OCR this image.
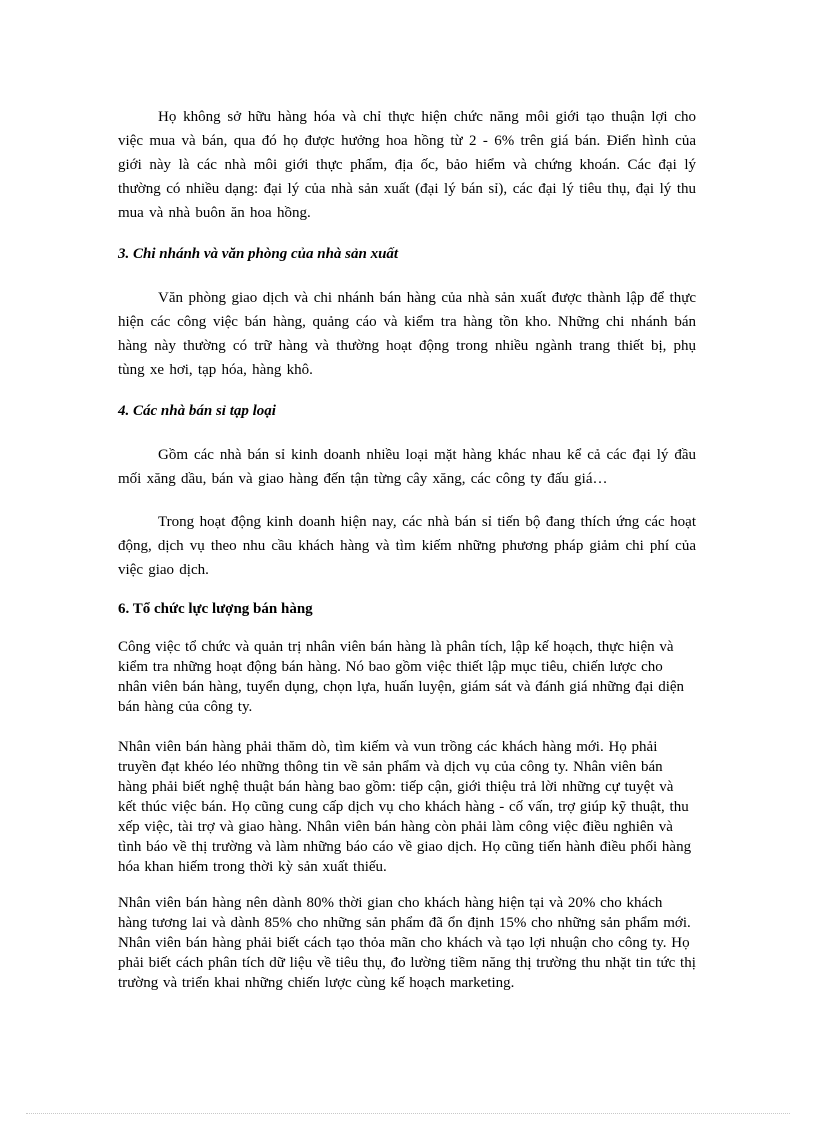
Họ không sở hữu hàng hóa và chỉ thực hiện chức năng môi giới tạo thuận lợi cho việc mua và bán, qua đó họ được hưởng hoa hồng từ 2 - 6% trên giá bán. Điển hình của giới này là các nhà môi giới thực phẩm, địa ốc, bảo hiểm và chứng khoán. Các đại lý thường có nhiều dạng: đại lý của nhà sản xuất (đại lý bán sỉ), các đại lý tiêu thụ, đại lý thu mua và nhà buôn ăn hoa hồng.

3. Chi nhánh và văn phòng của nhà sản xuất

Văn phòng giao dịch và chi nhánh bán hàng của nhà sản xuất được thành lập để thực hiện các công việc bán hàng, quảng cáo và kiểm tra hàng tồn kho. Những chi nhánh bán hàng này thường có trữ hàng và thường hoạt động trong nhiều ngành trang thiết bị, phụ tùng xe hơi, tạp hóa, hàng khô.

4. Các nhà bán sỉ tạp loại

Gồm các nhà bán sỉ kinh doanh nhiều loại mặt hàng khác nhau kể cả các đại lý đầu mối xăng dầu, bán và giao hàng đến tận từng cây xăng, các công ty đấu giá…

Trong hoạt động kinh doanh hiện nay, các nhà bán sỉ tiến bộ đang thích ứng các hoạt động, dịch vụ theo nhu cầu khách hàng và tìm kiếm những phương pháp giảm chi phí của việc giao dịch.

6. Tổ chức lực lượng bán hàng

Công việc tổ chức và quản trị nhân viên bán hàng là phân tích, lập kế hoạch, thực hiện và kiểm tra những hoạt động bán hàng. Nó bao gồm việc thiết lập mục tiêu, chiến lược cho nhân viên bán hàng, tuyển dụng, chọn lựa, huấn luyện, giám sát và đánh giá những đại diện bán hàng của công ty.

Nhân viên bán hàng phải thăm dò, tìm kiếm và vun trồng các khách hàng mới. Họ phải truyền đạt khéo léo những thông tin về sản phẩm và dịch vụ của công ty. Nhân viên bán hàng phải biết nghệ thuật bán hàng bao gồm: tiếp cận, giới thiệu trả lời những cự tuyệt và kết thúc việc bán. Họ cũng cung cấp dịch vụ cho khách hàng - cố vấn, trợ giúp kỹ thuật, thu xếp việc, tài trợ và giao hàng. Nhân viên bán hàng còn phải làm công việc điều nghiên và tình báo về thị trường và làm những báo cáo về giao dịch. Họ cũng tiến hành điều phối hàng hóa khan hiếm trong thời kỳ sản xuất thiếu.

Nhân viên bán hàng nên dành 80% thời gian cho khách hàng hiện tại và 20% cho khách hàng tương lai và dành 85% cho những sản phẩm đã ổn định 15% cho những sản phẩm mới. Nhân viên bán hàng phải biết cách tạo thỏa mãn cho khách và tạo lợi nhuận cho công ty. Họ phải biết cách phân tích dữ liệu về tiêu thụ, đo lường tiềm năng thị trường thu nhặt tin tức thị trường và triển khai những chiến lược cùng kế hoạch marketing.
